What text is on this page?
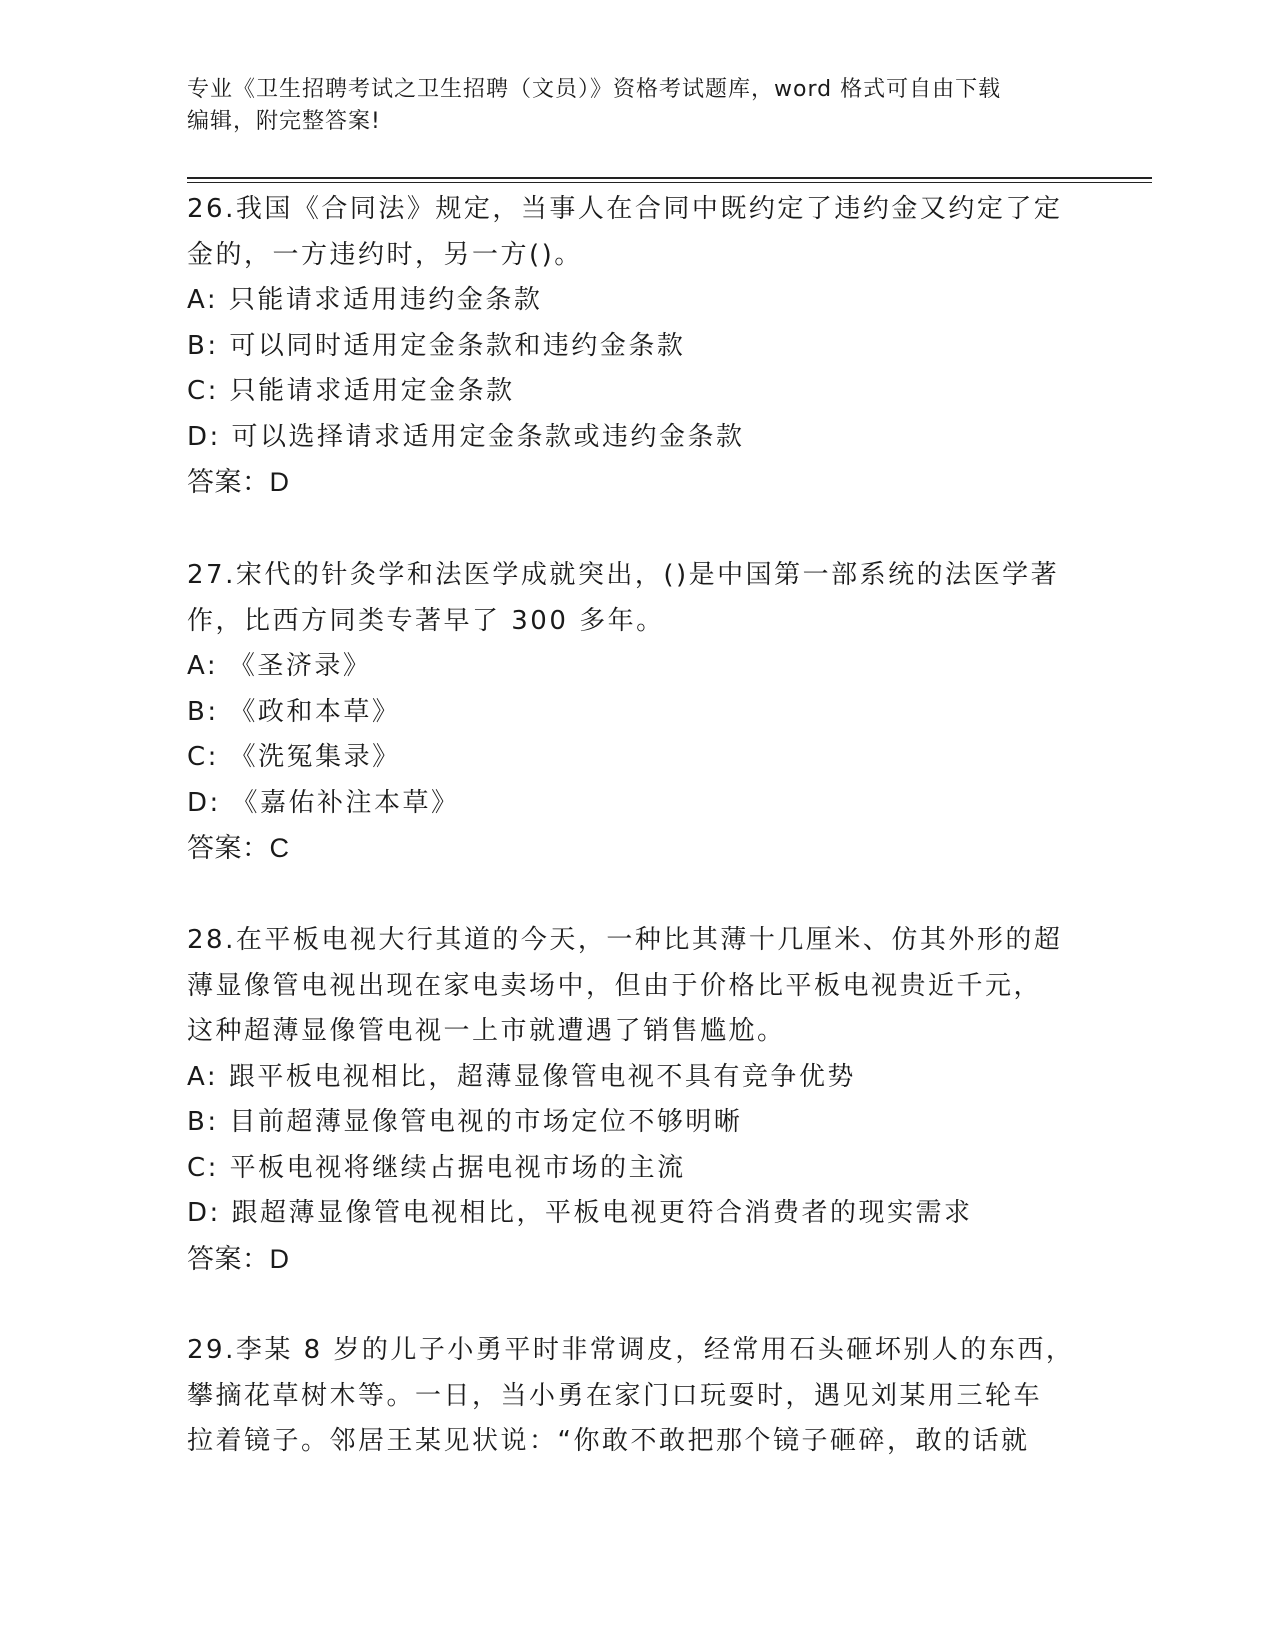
专业《卫生招聘考试之卫生招聘（文员）》资格考试题库，word 格式可自由下载
编辑，附完整答案!
26.我国《合同法》规定，当事人在合同中既约定了违约金又约定了定
金的，一方违约时，另一方()。
A: 只能请求适用违约金条款
B: 可以同时适用定金条款和违约金条款
C: 只能请求适用定金条款
D: 可以选择请求适用定金条款或违约金条款
答案：D
27.宋代的针灸学和法医学成就突出，()是中国第一部系统的法医学著
作，比西方同类专著早了 300 多年。
A: 《圣济录》
B: 《政和本草》
C: 《洗冤集录》
D: 《嘉佑补注本草》
答案：C
28.在平板电视大行其道的今天，一种比其薄十几厘米、仿其外形的超
薄显像管电视出现在家电卖场中，但由于价格比平板电视贵近千元，
这种超薄显像管电视一上市就遭遇了销售尴尬。
A: 跟平板电视相比，超薄显像管电视不具有竞争优势
B: 目前超薄显像管电视的市场定位不够明晰
C: 平板电视将继续占据电视市场的主流
D: 跟超薄显像管电视相比，平板电视更符合消费者的现实需求
答案：D
29.李某 8 岁的儿子小勇平时非常调皮，经常用石头砸坏别人的东西，
攀摘花草树木等。一日，当小勇在家门口玩耍时，遇见刘某用三轮车
拉着镜子。邻居王某见状说：“你敢不敢把那个镜子砸碎，敢的话就
